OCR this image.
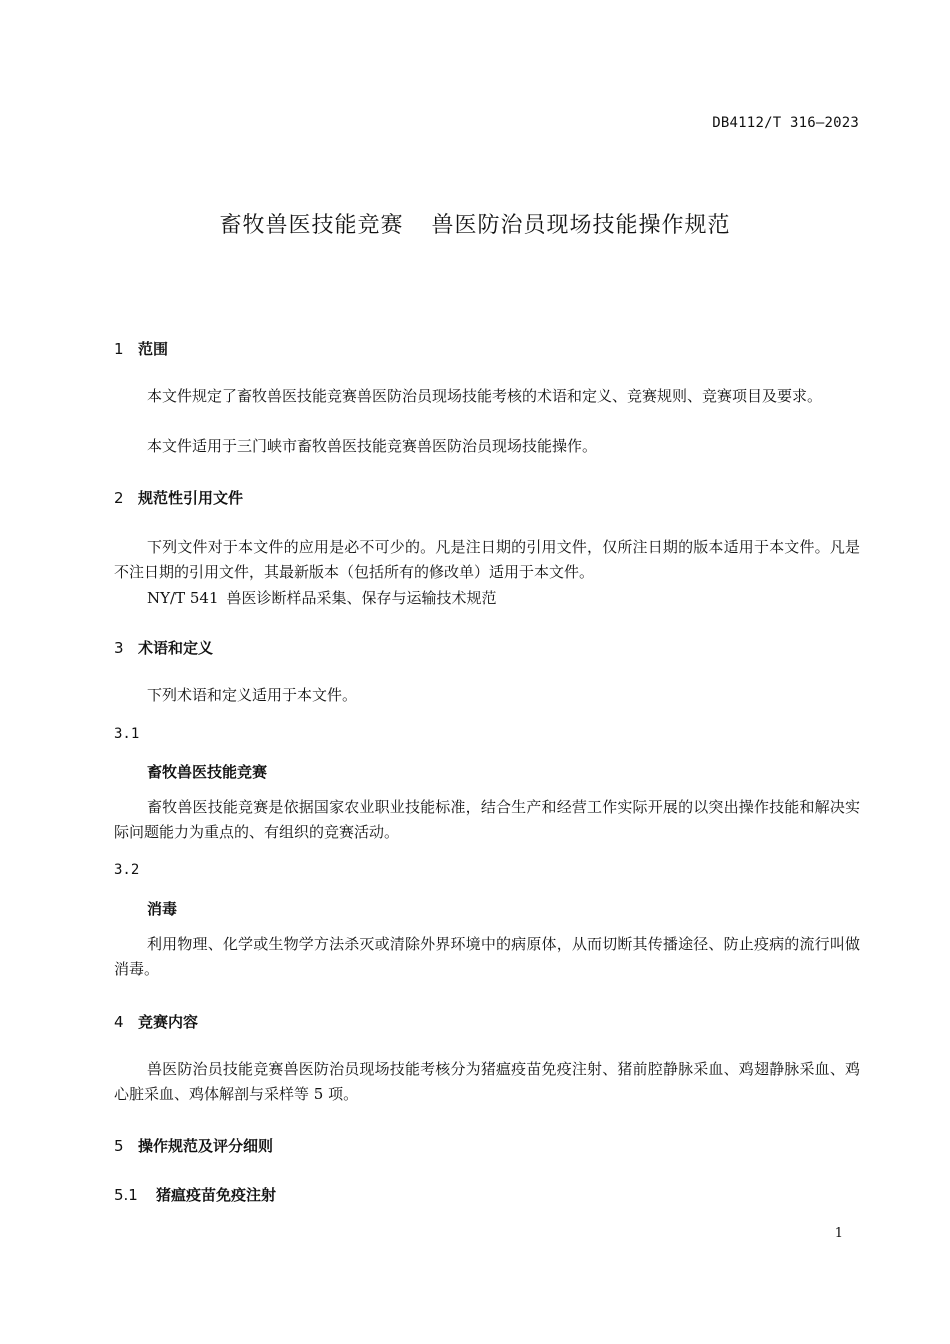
DB4112/T 316—2023
畜牧兽医技能竞赛 兽医防治员现场技能操作规范
1 范围

本文件规定了畜牧兽医技能竞赛兽医防治员现场技能考核的术语和定义、竞赛规则、竞赛项目及要求。

本文件适用于三门峡市畜牧兽医技能竞赛兽医防治员现场技能操作。

2 规范性引用文件

下列文件对于本文件的应用是必不可少的。凡是注日期的引用文件，仅所注日期的版本适用于本文件。凡是不注日期的引用文件，其最新版本（包括所有的修改单）适用于本文件。

NY/T 541 兽医诊断样品采集、保存与运输技术规范
3 术语和定义

下列术语和定义适用于本文件。

3.1
畜牧兽医技能竞赛

畜牧兽医技能竞赛是依据国家农业职业技能标准，结合生产和经营工作实际开展的以突出操作技能和解决实际问题能力为重点的、有组织的竞赛活动。

3.2
消毒

利用物理、化学或生物学方法杀灭或清除外界环境中的病原体，从而切断其传播途径、防止疫病的流行叫做消毒。

4 竞赛内容

兽医防治员技能竞赛兽医防治员现场技能考核分为猪瘟疫苗免疫注射、猪前腔静脉采血、鸡翅静脉采血、鸡心脏采血、鸡体解剖与采样等 5 项。

5 操作规范及评分细则
5.1 猪瘟疫苗免疫注射
1
